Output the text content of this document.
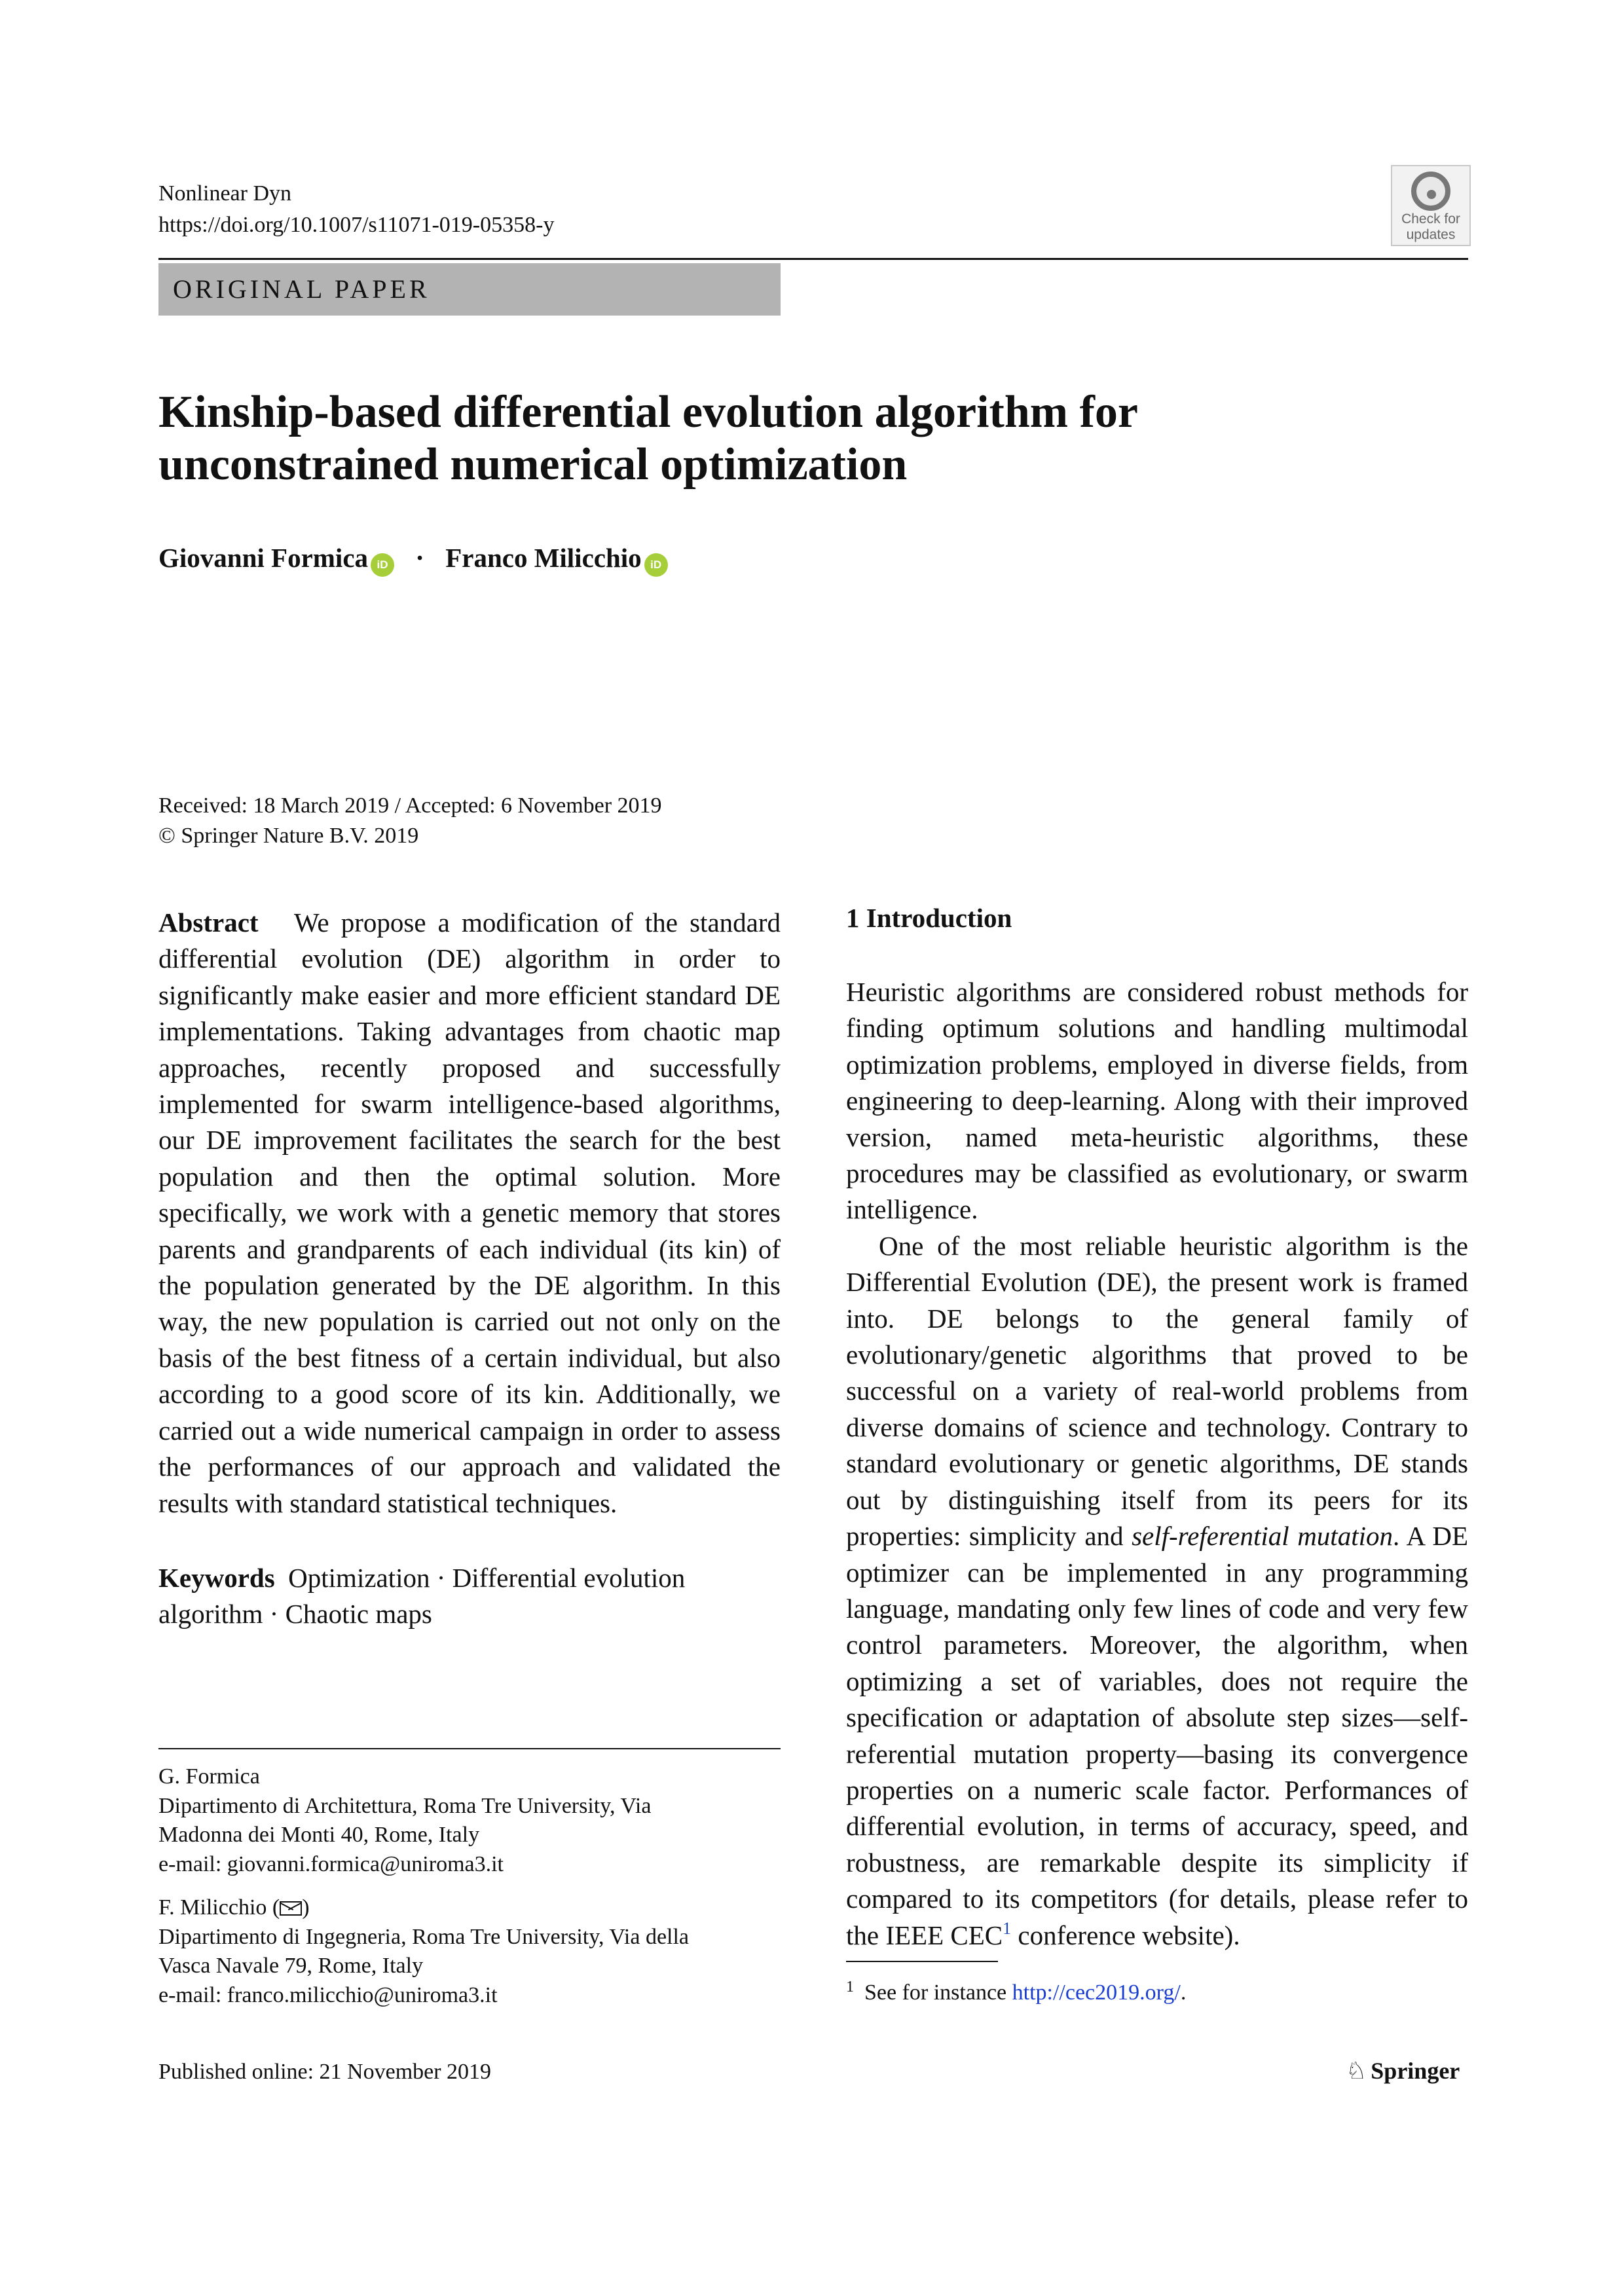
Nonlinear Dyn
https://doi.org/10.1007/s11071-019-05358-y	Check for
updates
ORIGINAL PAPER
Kinship-based differential evolution algorithm for unconstrained numerical optimization
Giovanni Formica iD · Franco Milicchio iD
Received: 18 March 2019 / Accepted: 6 November 2019
© Springer Nature B.V. 2019

Abstract We propose a modification of the standard differential evolution (DE) algorithm in order to significantly make easier and more efficient standard DE implementations. Taking advantages from chaotic map approaches, recently proposed and successfully implemented for swarm intelligence-based algorithms, our DE improvement facilitates the search for the best population and then the optimal solution. More specifically, we work with a genetic memory that stores parents and grandparents of each individual (its kin) of the population generated by the DE algorithm. In this way, the new population is carried out not only on the basis of the best fitness of a certain individual, but also according to a good score of its kin. Additionally, we carried out a wide numerical campaign in order to assess the performances of our approach and validated the results with standard statistical techniques.

Keywords Optimization · Differential evolution algorithm · Chaotic maps

G. Formica
Dipartimento di Architettura, Roma Tre University, Via
Madonna dei Monti 40, Rome, Italy
e-mail: giovanni.formica@uniroma3.it
F. Milicchio ( )
Dipartimento di Ingegneria, Roma Tre University, Via della
Vasca Navale 79, Rome, Italy
e-mail: franco.milicchio@uniroma3.it
1 Introduction

Heuristic algorithms are considered robust methods for finding optimum solutions and handling multimodal optimization problems, employed in diverse fields, from engineering to deep-learning. Along with their improved version, named meta-heuristic algorithms, these procedures may be classified as evolutionary, or swarm intelligence.

One of the most reliable heuristic algorithm is the Differential Evolution (DE), the present work is framed into. DE belongs to the general family of evolutionary/genetic algorithms that proved to be successful on a variety of real-world problems from diverse domains of science and technology. Contrary to standard evolutionary or genetic algorithms, DE stands out by distinguishing itself from its peers for its properties: simplicity and self-referential mutation. A DE optimizer can be implemented in any programming language, mandating only few lines of code and very few control parameters. Moreover, the algorithm, when optimizing a set of variables, does not require the specification or adaptation of absolute step sizes—self-referential mutation property—basing its convergence properties on a numeric scale factor. Performances of differential evolution, in terms of accuracy, speed, and robustness, are remarkable despite its simplicity if compared to its competitors (for details, please refer to the IEEE CEC$^1$ conference website).

$^1$ See for instance http://cec2019.org/.
Published online: 21 November 2019	♘ Springer
